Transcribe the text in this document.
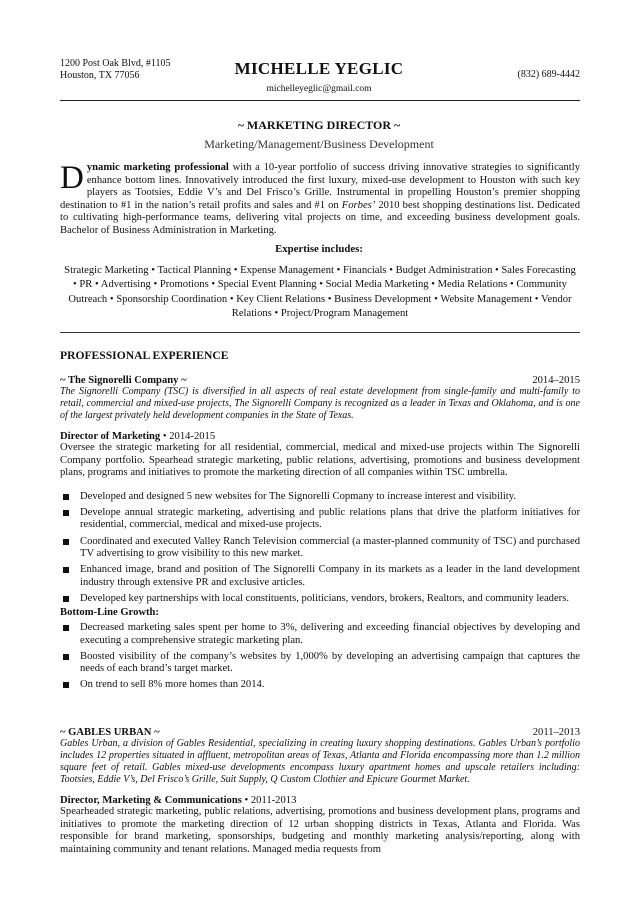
1200 Post Oak Blvd, #1105
Houston, TX 77056	MICHELLE YEGLIC
michelleyeglic@gmail.com
(832) 689-4442
~ MARKETING DIRECTOR ~
Marketing/Management/Business Development
Dynamic marketing professional with a 10-year portfolio of success driving innovative strategies to significantly enhance bottom lines. Innovatively introduced the first luxury, mixed-use development to Houston with such key players as Tootsies, Eddie V’s and Del Frisco’s Grille. Instrumental in propelling Houston’s premier shopping destination to #1 in the nation’s retail profits and sales and #1 on Forbes’ 2010 best shopping destinations list. Dedicated to cultivating high-performance teams, delivering vital projects on time, and exceeding business development goals. Bachelor of Business Administration in Marketing.
Expertise includes:
Strategic Marketing • Tactical Planning • Expense Management • Financials • Budget Administration • Sales Forecasting • PR • Advertising • Promotions • Special Event Planning • Social Media Marketing • Media Relations • Community Outreach • Sponsorship Coordination • Key Client Relations • Business Development • Website Management • Vendor Relations • Project/Program Management
PROFESSIONAL EXPERIENCE
~ The Signorelli Company ~	2014–2015
The Signorelli Company (TSC) is diversified in all aspects of real estate development from single-family and multi-family to retail, commercial and mixed-use projects, The Signorelli Company is recognized as a leader in Texas and Oklahoma, and is one of the largest privately held development companies in the State of Texas.
Director of Marketing • 2014-2015
Oversee the strategic marketing for all residential, commercial, medical and mixed-use projects within The Signorelli Company portfolio. Spearhead strategic marketing, public relations, advertising, promotions and business development plans, programs and initiatives to promote the marketing direction of all companies within TSC umbrella.
Developed and designed 5 new websites for The Signorelli Copmany to increase interest and visibility.
Develope annual strategic marketing, advertising and public relations plans that drive the platform initiatives for residential, commercial, medical and mixed-use projects.
Coordinated and executed Valley Ranch Television commercial (a master-planned community of TSC) and purchased TV advertising to grow visibility to this new market.
Enhanced image, brand and position of The Signorelli Company in its markets as a leader in the land development industry through extensive PR and exclusive articles.
Developed key partnerships with local constituents, politicians, vendors, brokers, Realtors, and community leaders.
Bottom-Line Growth:
Decreased marketing sales spent per home to 3%, delivering and exceeding financial objectives by developing and executing a comprehensive strategic marketing plan.
Boosted visibility of the company’s websites by 1,000% by developing an advertising campaign that captures the needs of each brand’s target market.
On trend to sell 8% more homes than 2014.
~ GABLES URBAN ~	2011–2013
Gables Urban, a division of Gables Residential, specializing in creating luxury shopping destinations. Gables Urban’s portfolio includes 12 properties situated in affluent, metropolitan areas of Texas, Atlanta and Florida encompassing more than 1.2 million square feet of retail. Gables mixed-use developments encompass luxury apartment homes and upscale retailers including: Tootsies, Eddie V’s, Del Frisco’s Grille, Suit Supply, Q Custom Clothier and Epicure Gourmet Market.
Director, Marketing & Communications • 2011-2013
Spearheaded strategic marketing, public relations, advertising, promotions and business development plans, programs and initiatives to promote the marketing direction of 12 urban shopping districts in Texas, Atlanta and Florida. Was responsible for brand marketing, sponsorships, budgeting and monthly marketing analysis/reporting, along with maintaining community and tenant relations. Managed media requests from
